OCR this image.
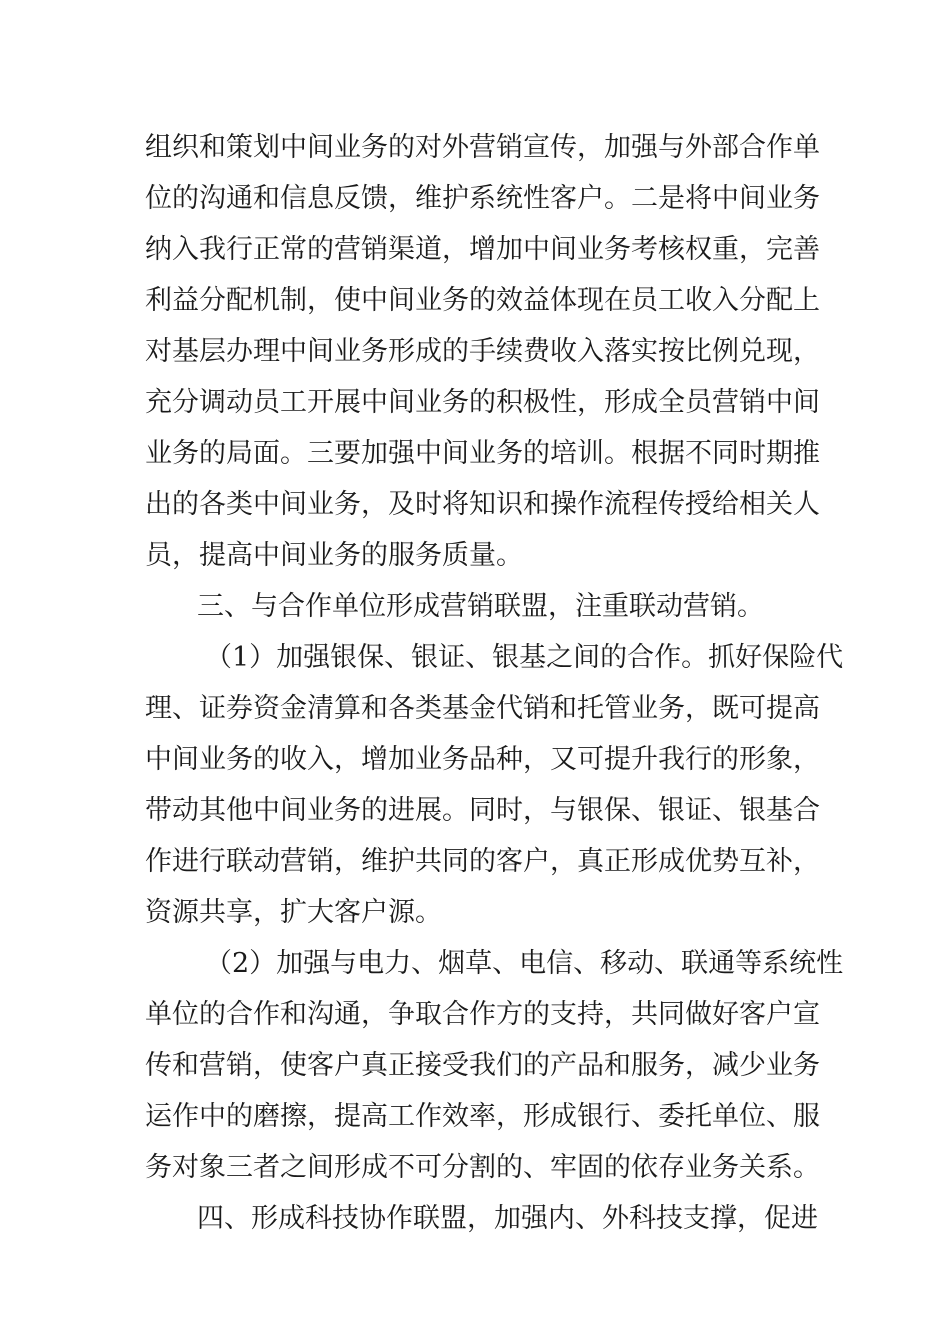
组织和策划中间业务的对外营销宣传，加强与外部合作单
位的沟通和信息反馈，维护系统性客户。二是将中间业务
纳入我行正常的营销渠道，增加中间业务考核权重，完善
利益分配机制，使中间业务的效益体现在员工收入分配上
对基层办理中间业务形成的手续费收入落实按比例兑现，
充分调动员工开展中间业务的积极性，形成全员营销中间
业务的局面。三要加强中间业务的培训。根据不同时期推
出的各类中间业务，及时将知识和操作流程传授给相关人
员，提高中间业务的服务质量。
三、与合作单位形成营销联盟，注重联动营销。
（1）加强银保、银证、银基之间的合作。抓好保险代
理、证券资金清算和各类基金代销和托管业务，既可提高
中间业务的收入，增加业务品种，又可提升我行的形象，
带动其他中间业务的进展。同时，与银保、银证、银基合
作进行联动营销，维护共同的客户，真正形成优势互补，
资源共享，扩大客户源。
（2）加强与电力、烟草、电信、移动、联通等系统性
单位的合作和沟通，争取合作方的支持，共同做好客户宣
传和营销，使客户真正接受我们的产品和服务，减少业务
运作中的磨擦，提高工作效率，形成银行、委托单位、服
务对象三者之间形成不可分割的、牢固的依存业务关系。
四、形成科技协作联盟，加强内、外科技支撑，促进
